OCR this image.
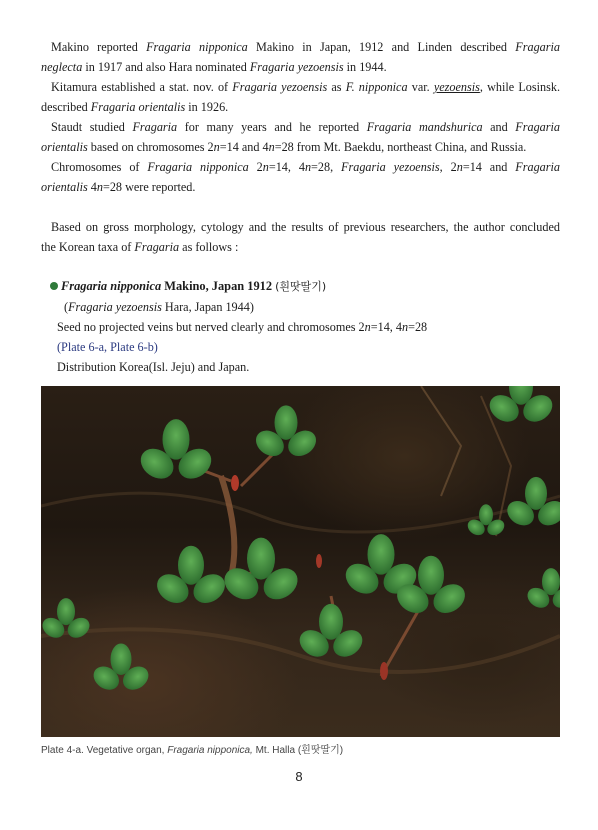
Makino reported Fragaria nipponica Makino in Japan, 1912 and Linden described Fragaria
neglecta in 1917 and also Hara nominated Fragaria yezoensis in 1944.
Kitamura established a stat. nov. of Fragaria yezoensis as F. nipponica var. yezoensis, while Losinsk.
described Fragaria orientalis in 1926.
Staudt studied Fragaria for many years and he reported Fragaria mandshurica and Fragaria
orientalis based on chromosomes 2n=14 and 4n=28 from Mt. Baekdu, northeast China, and Russia.
Chromosomes of Fragaria nipponica 2n=14, 4n=28, Fragaria yezoensis, 2n=14 and Fragaria
orientalis 4n=28 were reported.
Based on gross morphology, cytology and the results of previous researchers, the author concluded
the Korean taxa of Fragaria as follows :
Fragaria nipponica Makino, Japan 1912 (흰땃딸기)
(Fragaria yezoensis Hara, Japan 1944)
Seed no projected veins but nerved clearly and chromosomes 2n=14, 4n=28
(Plate 6-a, Plate 6-b)
Distribution Korea(Isl. Jeju) and Japan.
Plate 4-a. Vegetative organ, Fragaria nipponica, Mt. Halla (흰땃딸기)
8
